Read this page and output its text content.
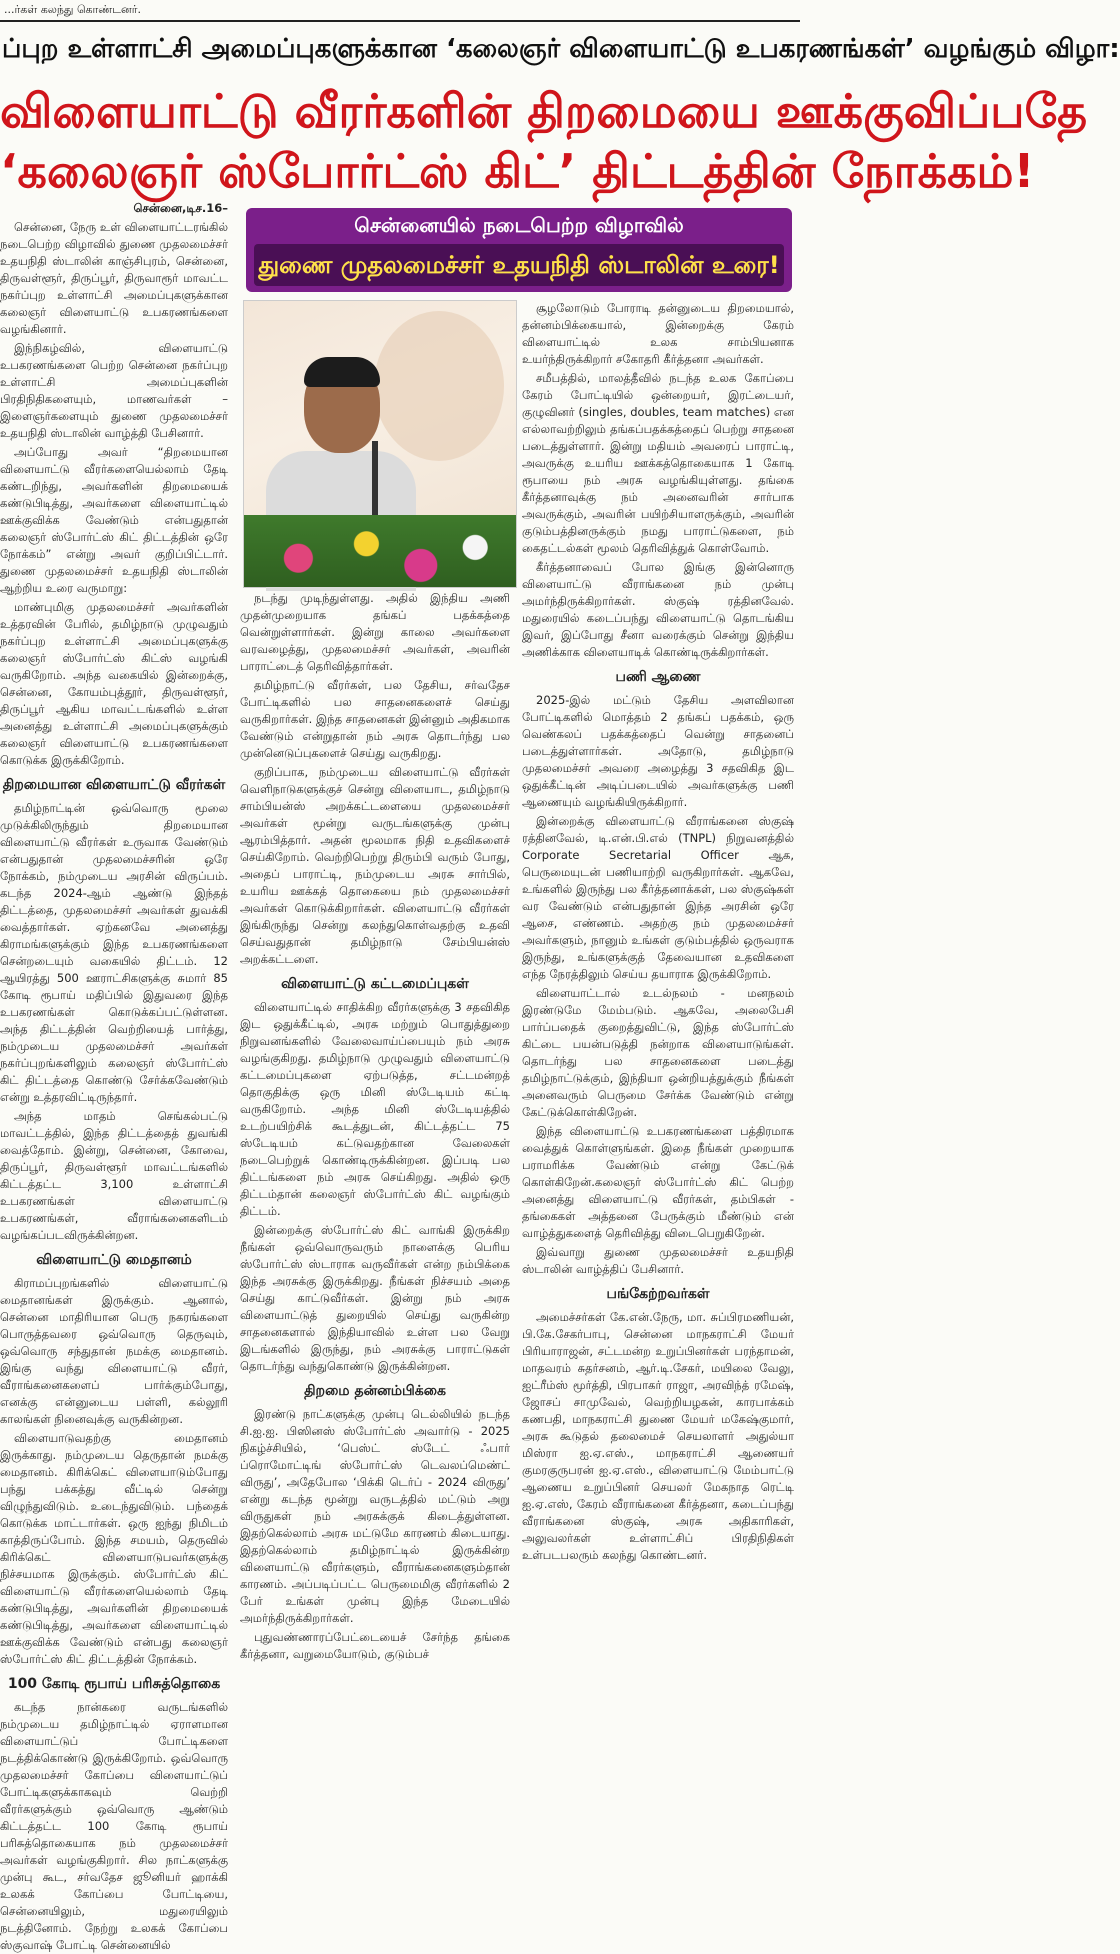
...ர்கள் கலந்து கொண்டனர்.
ப்புற உள்ளாட்சி அமைப்புகளுக்கான ‘கலைஞர் விளையாட்டு உபகரணங்கள்’ வழங்கும் விழா:
விளையாட்டு வீரர்களின் திறமையை ஊக்குவிப்பதே
‘கலைஞர் ஸ்போர்ட்ஸ் கிட்’ திட்டத்தின் நோக்கம்!
சென்னையில் நடைபெற்ற விழாவில்
துணை முதலமைச்சர் உதயநிதி ஸ்டாலின் உரை!

சென்னை,டிச.16–

சென்னை, நேரு உள் விளையாட்டரங்கில் நடைபெற்ற விழாவில் துணை முதலமைச்சர் உதயநிதி ஸ்டாலின் காஞ்சிபுரம், சென்னை, திருவள்ளூர், திருப்பூர், திருவாரூர் மாவட்ட நகர்ப்புற உள்ளாட்சி அமைப்புகளுக்கான கலைஞர் விளையாட்டு உபகரணங்களை வழங்கினார்.

இந்நிகழ்வில், விளையாட்டு உபகரணங்களை பெற்ற சென்னை நகர்ப்புற உள்ளாட்சி அமைப்புகளின் பிரதிநிதிகளையும், மாணவர்கள் – இளைஞர்களையும் துணை முதலமைச்சர் உதயநிதி ஸ்டாலின் வாழ்த்தி பேசினார்.

அப்போது அவர் “திறமையான விளையாட்டு வீரர்களையெல்லாம் தேடி கண்டறிந்து, அவர்களின் திறமையைக் கண்டுபிடித்து, அவர்களை விளையாட்டில் ஊக்குவிக்க வேண்டும் என்பதுதான் கலைஞர் ஸ்போர்ட்ஸ் கிட் திட்டத்தின் ஒரே நோக்கம்” என்று அவர் குறிப்பிட்டார். துணை முதலமைச்சர் உதயநிதி ஸ்டாலின் ஆற்றிய உரை வருமாறு:

மாண்புமிகு முதலமைச்சர் அவர்களின் உத்தரவின் பேரில், தமிழ்நாடு முழுவதும் நகர்ப்புற உள்ளாட்சி அமைப்புகளுக்கு கலைஞர் ஸ்போர்ட்ஸ் கிட்ஸ் வழங்கி வருகிறோம். அந்த வகையில் இன்றைக்கு, சென்னை, கோயம்புத்தூர், திருவள்ளூர், திருப்பூர் ஆகிய மாவட்டங்களில் உள்ள அனைத்து உள்ளாட்சி அமைப்புகளுக்கும் கலைஞர் விளையாட்டு உபகரணங்களை கொடுக்க இருக்கிறோம்.

திறமையான விளையாட்டு வீரர்கள்

தமிழ்நாட்டின் ஒவ்வொரு மூலை முடுக்கிலிருந்தும் திறமையான விளையாட்டு வீரர்கள் உருவாக வேண்டும் என்பதுதான் முதலமைச்சரின் ஒரே நோக்கம், நம்முடைய அரசின் விருப்பம். கடந்த 2024-ஆம் ஆண்டு இந்தத் திட்டத்தை, முதலமைச்சர் அவர்கள் துவக்கி வைத்தார்கள். ஏற்கனவே அனைத்து கிராமங்களுக்கும் இந்த உபகரணங்களை சென்றடையும் வகையில் திட்டம். 12 ஆயிரத்து 500 ஊராட்சிகளுக்கு சுமார் 85 கோடி ரூபாய் மதிப்பில் இதுவரை இந்த உபகரணங்கள் கொடுக்கப்பட்டுள்ளன. அந்த திட்டத்தின் வெற்றியைத் பார்த்து, நம்முடைய முதலமைச்சர் அவர்கள் நகர்ப்புறங்களிலும் கலைஞர் ஸ்போர்ட்ஸ் கிட் திட்டத்தை கொண்டு சேர்க்கவேண்டும் என்று உத்தரவிட்டிருந்தார்.

அந்த மாதம் செங்கல்பட்டு மாவட்டத்தில், இந்த திட்டத்தைத் துவங்கி வைத்தோம். இன்று, சென்னை, கோவை, திருப்பூர், திருவள்ளூர் மாவட்டங்களில் கிட்டத்தட்ட 3,100 உள்ளாட்சி உபகரணங்கள் விளையாட்டு உபகரணங்கள், வீராங்கனைகளிடம் வழங்கப்படவிருக்கின்றன.

விளையாட்டு மைதானம்

கிராமப்புறங்களில் விளையாட்டு மைதானங்கள் இருக்கும். ஆனால், சென்னை மாதிரியான பெரு நகரங்களை பொருத்தவரை ஒவ்வொரு தெருவும், ஒவ்வொரு சந்துதான் நமக்கு மைதானம். இங்கு வந்து விளையாட்டு வீரர், வீராங்கனைகளைப் பார்க்கும்போது, எனக்கு என்னுடைய பள்ளி, கல்லூரி காலங்கள் நினைவுக்கு வருகின்றன.

விளையாடுவதற்கு மைதானம் இருக்காது. நம்முடைய தெருதான் நமக்கு மைதானம். கிரிக்கெட் விளையாடும்போது பந்து பக்கத்து வீட்டில் சென்று விழுந்துவிடும். உடைந்துவிடும். பந்தைக் கொடுக்க மாட்டார்கள். ஒரு ஐந்து நிமிடம் காத்திருப்போம். இந்த சமயம், தெருவில் கிரிக்கெட் விளையாடுபவர்களுக்கு நிச்சயமாக இருக்கும். ஸ்போர்ட்ஸ் கிட் விளையாட்டு வீரர்களையெல்லாம் தேடி கண்டுபிடித்து, அவர்களின் திறமையைக் கண்டுபிடித்து, அவர்களை விளையாட்டில் ஊக்குவிக்க வேண்டும் என்பது கலைஞர் ஸ்போர்ட்ஸ் கிட் திட்டத்தின் நோக்கம்.

100 கோடி ரூபாய் பரிசுத்தொகை

கடந்த நான்கரை வருடங்களில் நம்முடைய தமிழ்நாட்டில் ஏராளமான விளையாட்டுப் போட்டிகளை நடத்திக்கொண்டு இருக்கிறோம். ஒவ்வொரு முதலமைச்சர் கோப்பை விளையாட்டுப் போட்டிகளுக்காகவும் வெற்றி வீரர்களுக்கும் ஒவ்வொரு ஆண்டும் கிட்டத்தட்ட 100 கோடி ரூபாய் பரிசுத்தொகையாக நம் முதலமைச்சர் அவர்கள் வழங்குகிறார். சில நாட்களுக்கு முன்பு கூட, சர்வதேச ஜூனியர் ஹாக்கி உலகக் கோப்பை போட்டியை, சென்னையிலும், மதுரையிலும் நடத்தினோம். நேற்று உலகக் கோப்பை ஸ்குவாஷ் போட்டி சென்னையில்

நடந்து முடிந்துள்ளது. அதில் இந்திய அணி முதன்முறையாக தங்கப் பதக்கத்தை வென்றுள்ளார்கள். இன்று காலை அவர்களை வரவழைத்து, முதலமைச்சர் அவர்கள், அவரின் பாராட்டைத் தெரிவித்தார்கள்.

தமிழ்நாட்டு வீரர்கள், பல தேசிய, சர்வதேச போட்டிகளில் பல சாதனைகளைச் செய்து வருகிறார்கள். இந்த சாதனைகள் இன்னும் அதிகமாக வேண்டும் என்றுதான் நம் அரசு தொடர்ந்து பல முன்னெடுப்புகளைச் செய்து வருகிறது.

குறிப்பாக, நம்முடைய விளையாட்டு வீரர்கள் வெளிநாடுகளுக்குச் சென்று விளையாட, தமிழ்நாடு சாம்பியன்ஸ் அறக்கட்டளையை முதலமைச்சர் அவர்கள் மூன்று வருடங்களுக்கு முன்பு ஆரம்பித்தார். அதன் மூலமாக நிதி உதவிகளைச் செய்கிறோம். வெற்றிபெற்று திரும்பி வரும் போது, அதைப் பாராட்டி, நம்முடைய அரசு சார்பில், உயரிய ஊக்கத் தொகையை நம் முதலமைச்சர் அவர்கள் கொடுக்கிறார்கள். விளையாட்டு வீரர்கள் இங்கிருந்து சென்று கலந்துகொள்வதற்கு உதவி செய்வதுதான் தமிழ்நாடு சேம்பியன்ஸ் அறக்கட்டளை.

விளையாட்டு கட்டமைப்புகள்

விளையாட்டில் சாதிக்கிற வீரர்களுக்கு 3 சதவிகித இட ஒதுக்கீட்டில், அரசு மற்றும் பொதுத்துறை நிறுவனங்களில் வேலைவாய்ப்பையும் நம் அரசு வழங்குகிறது. தமிழ்நாடு முழுவதும் விளையாட்டு கட்டமைப்புகளை ஏற்படுத்த, சட்டமன்றத் தொகுதிக்கு ஒரு மினி ஸ்டேடியம் கட்டி வருகிறோம். அந்த மினி ஸ்டேடியத்தில் உடற்பயிற்சிக் கூடத்துடன், கிட்டத்தட்ட 75 ஸ்டேடியம் கட்டுவதற்கான வேலைகள் நடைபெற்றுக் கொண்டிருக்கின்றன. இப்படி பல திட்டங்களை நம் அரசு செய்கிறது. அதில் ஒரு திட்டம்தான் கலைஞர் ஸ்போர்ட்ஸ் கிட் வழங்கும் திட்டம்.

இன்றைக்கு ஸ்போர்ட்ஸ் கிட் வாங்கி இருக்கிற நீங்கள் ஒவ்வொருவரும் நாளைக்கு பெரிய ஸ்போர்ட்ஸ் ஸ்டாராக வருவீர்கள் என்ற நம்பிக்கை இந்த அரசுக்கு இருக்கிறது. நீங்கள் நிச்சயம் அதை செய்து காட்டுவீர்கள். இன்று நம் அரசு விளையாட்டுத் துறையில் செய்து வருகின்ற சாதனைகளால் இந்தியாவில் உள்ள பல வேறு இடங்களில் இருந்து, நம் அரசுக்கு பாராட்டுகள் தொடர்ந்து வந்துகொண்டு இருக்கின்றன.

திறமை தன்னம்பிக்கை

இரண்டு நாட்களுக்கு முன்பு டெல்லியில் நடந்த சி.ஐ.ஐ. பிஸினஸ் ஸ்போர்ட்ஸ் அவார்டு - 2025 நிகழ்ச்சியில், ‘பெஸ்ட் ஸ்டேட் ஃபார் ப்ரொமோட்டிங் ஸ்போர்ட்ஸ் டெவலப்மெண்ட் விருது’, அதேபோல ‘பிக்கி டெர்ப் - 2024 விருது’ என்று கடந்த மூன்று வருடத்தில் மட்டும் அறு விருதுகள் நம் அரசுக்குக் கிடைத்துள்ளன. இதற்கெல்லாம் அரசு மட்டுமே காரணம் கிடையாது. இதற்கெல்லாம் தமிழ்நாட்டில் இருக்கின்ற விளையாட்டு வீரர்களும், வீராங்கனைகளும்தான் காரணம். அப்படிப்பட்ட பெருமைமிகு வீரர்களில் 2 பேர் உங்கள் முன்பு இந்த மேடையில் அமர்ந்திருக்கிறார்கள்.

புதுவண்ணாரப்பேட்டையைச் சேர்ந்த தங்கை கீர்த்தனா, வறுமையோடும், குடும்பச்

சூழலோடும் போராடி தன்னுடைய திறமையால், தன்னம்பிக்கையால், இன்றைக்கு கேரம் விளையாட்டில் உலக சாம்பியனாக உயர்ந்திருக்கிறார் சகோதரி கீர்த்தனா அவர்கள்.

சமீபத்தில், மாலத்தீவில் நடந்த உலக கோப்பை கேரம் போட்டியில் ஒன்றையர், இரட்டையர், குழுவினர் (singles, doubles, team matches) என எல்லாவற்றிலும் தங்கப்பதக்கத்தைப் பெற்று சாதனை படைத்துள்ளார். இன்று மதியம் அவரைப் பாராட்டி, அவருக்கு உயரிய ஊக்கத்தொகையாக 1 கோடி ரூபாயை நம் அரசு வழங்கியுள்ளது. தங்கை கீர்த்தனாவுக்கு நம் அனைவரின் சார்பாக அவருக்கும், அவரின் பயிற்சியாளருக்கும், அவரின் குடும்பத்தினருக்கும் நமது பாராட்டுகளை, நம் கைதட்டல்கள் மூலம் தெரிவித்துக் கொள்வோம்.

கீர்த்தனாவைப் போல இங்கு இன்னொரு விளையாட்டு வீராங்கனை நம் முன்பு அமர்ந்திருக்கிறார்கள். ஸ்குஷ் ரத்தினவேல். மதுரையில் கடைப்பந்து விளையாட்டு தொடங்கிய இவர், இப்போது சீனா வரைக்கும் சென்று இந்திய அணிக்காக விளையாடிக் கொண்டிருக்கிறார்கள்.

பணி ஆணை

2025-இல் மட்டும் தேசிய அளவிலான போட்டிகளில் மொத்தம் 2 தங்கப் பதக்கம், ஒரு வெண்கலப் பதக்கத்தைப் வென்று சாதனைப் படைத்துள்ளார்கள். அதோடு, தமிழ்நாடு முதலமைச்சர் அவரை அழைத்து 3 சதவிகித இட ஒதுக்கீட்டின் அடிப்படையில் அவர்களுக்கு பணி ஆணையும் வழங்கியிருக்கிறார்.

இன்றைக்கு விளையாட்டு வீராங்கனை ஸ்குஷ் ரத்தினவேல், டி.என்.பி.எல் (TNPL) நிறுவனத்தில் Corporate Secretarial Officer ஆக, பெருமையுடன் பணியாற்றி வருகிறார்கள். ஆகவே, உங்களில் இருந்து பல கீர்த்தனாக்கள், பல ஸ்குஷ்கள் வர வேண்டும் என்பதுதான் இந்த அரசின் ஒரே ஆசை, எண்ணம். அதற்கு நம் முதலமைச்சர் அவர்களும், நானும் உங்கள் குடும்பத்தில் ஒருவராக இருந்து, உங்களுக்குத் தேவையான உதவிகளை எந்த நேரத்திலும் செய்ய தயாராக இருக்கிறோம்.

விளையாட்டால் உடல்நலம் - மனநலம் இரண்டுமே மேம்படும். ஆகவே, அலைபேசி பார்ப்பதைக் குறைத்துவிட்டு, இந்த ஸ்போர்ட்ஸ் கிட்டை பயன்படுத்தி நன்றாக விளையாடுங்கள். தொடர்ந்து பல சாதனைகளை படைத்து தமிழ்நாட்டுக்கும், இந்தியா ஒன்றியத்துக்கும் நீங்கள் அனைவரும் பெருமை சேர்க்க வேண்டும் என்று கேட்டுக்கொள்கிறேன்.

இந்த விளையாட்டு உபகரணங்களை பத்திரமாக வைத்துக் கொள்ளுங்கள். இதை நீங்கள் முறையாக பராமரிக்க வேண்டும் என்று கேட்டுக் கொள்கிறேன்.கலைஞர் ஸ்போர்ட்ஸ் கிட் பெற்ற அனைத்து விளையாட்டு வீரர்கள், தம்பிகள் - தங்கைகள் அத்தனை பேருக்கும் மீண்டும் என் வாழ்த்துகளைத் தெரிவித்து விடைபெறுகிறேன்.

இவ்வாறு துணை முதலமைச்சர் உதயநிதி ஸ்டாலின் வாழ்த்திப் பேசினார்.

பங்கேற்றவர்கள்

அமைச்சர்கள் கே.என்.நேரு, மா. சுப்பிரமணியன், பி.கே.சேகர்பாபு, சென்னை மாநகராட்சி மேயர் பிரியாராஜன், சட்டமன்ற உறுப்பினர்கள் பரந்தாமன், மாதவரம் சுதர்சனம், ஆர்.டி.சேகர், மயிலை வேலு, ஐட்ரீம்ஸ் மூர்த்தி, பிரபாகர் ராஜா, அரவிந்த் ரமேஷ், ஜோசப் சாமுவேல், வெற்றியழகன், காரபாக்கம் கணபதி, மாநகராட்சி துணை மேயர் மகேஷ்குமார், அரசு கூடுதல் தலைமைச் செயலாளர் அதுல்யா மிஸ்ரா ஐ.ஏ.எஸ்., மாநகராட்சி ஆணையர் குமரகுருபரன் ஐ.ஏ.எஸ்., விளையாட்டு மேம்பாட்டு ஆணைய உறுப்பினர் செயலர் மேகநாத ரெட்டி ஐ.ஏ.எஸ், கேரம் வீராங்கனை கீர்த்தனா, கடைப்பந்து வீராங்கனை ஸ்குஷ், அரசு அதிகாரிகள், அலுவலர்கள் உள்ளாட்சிப் பிரதிநிதிகள் உள்படபலரும் கலந்து கொண்டனர்.
